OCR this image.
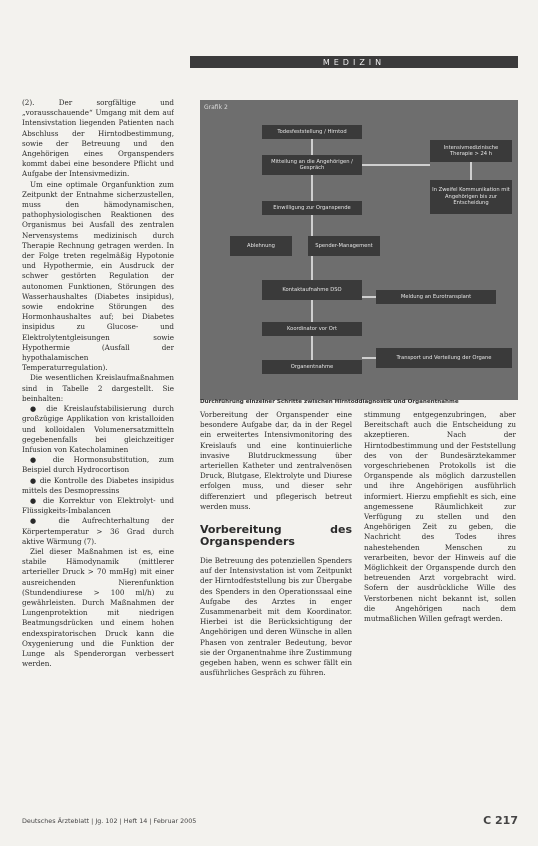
MEDIZIN

(2). Der sorgfältige und „vorausschauende“ Umgang mit dem auf Intensivstation liegenden Patienten nach Abschluss der Hirntodbestimmung, sowie der Betreuung und den Angehörigen eines Organspenders kommt dabei eine besondere Pflicht und Aufgabe der Intensivmedizin.

Um eine optimale Organfunktion zum Zeitpunkt der Entnahme sicherzustellen, muss den hämodynamischen, pathophysiologischen Reaktionen des Organismus bei Ausfall des zentralen Nervensystems medizinisch durch Therapie Rechnung getragen werden. In der Folge treten regelmäßig Hypotonie und Hypothermie, ein Ausdruck der schwer gestörten Regulation der autonomen Funktionen, Störungen des Wasserhaushaltes (Diabetes insipidus), sowie endokrine Störungen des Hormonhaushaltes auf; bei Diabetes insipidus zu Glucose- und Elektrolytentgleisungen sowie Hypothermie (Ausfall der hypothalamischen Temperaturregulation).

Die wesentlichen Kreislaufmaßnahmen sind in Tabelle 2 dargestellt. Sie beinhalten:

● die Kreislaufstabilisierung durch großzügige Applikation von kristalloiden und kolloidalen Volumenersatzmitteln gegebenenfalls bei gleichzeitiger Infusion von Katecholaminen

● die Hormonsubstitution, zum Beispiel durch Hydrocortison

● die Kontrolle des Diabetes insipidus mittels des Desmopressins

● die Korrektur von Elektrolyt- und Flüssigkeits-Imbalancen

● die Aufrechterhaltung der Körpertemperatur > 36 Grad durch aktive Wärmung (7).

Ziel dieser Maßnahmen ist es, eine stabile Hämodynamik (mittlerer arterieller Druck > 70 mmHg) mit einer ausreichenden Nierenfunktion (Stundendiurese > 100 ml/h) zu gewährleisten. Durch Maßnahmen der Lungenprotektion mit niedrigen Beatmungsdrücken und einem hohen endexspiratorischen Druck kann die Oxygenierung und die Funktion der Lunge als Spenderorgan verbessert werden.

Grafik 2
Todesfeststellung / Hirntod
Mitteilung an die Angehörigen / Gespräch
Einwilligung zur Organspende
Ablehnung	Spender-Management
Kontaktaufnahme DSO
Koordinator vor Ort
Organentnahme
Intensivmedizinische Therapie > 24 h
In Zweifel Kommunikation mit Angehörigen bis zur Entscheidung
Meldung an Eurotransplant
Transport und Verteilung der Organe
Durchführung einzelner Schritte zwischen Hirntoddiagnostik und Organentnahme

Vorbereitung der Organspender eine besondere Aufgabe dar, da in der Regel ein erweitertes Intensivmonitoring des Kreislaufs und eine kontinuierliche invasive Blutdruckmessung über arteriellen Katheter und zentralvenösen Druck, Blutgase, Elektrolyte und Diurese erfolgen muss, und dieser sehr differenziert und pflegerisch betreut werden muss.

Vorbereitung des Organspenders

Die Betreuung des potenziellen Spenders auf der Intensivstation ist vom Zeitpunkt der Hirntodfeststellung bis zur Übergabe des Spenders in den Operationssaal eine Aufgabe des Arztes in enger Zusammenarbeit mit dem Koordinator. Hierbei ist die Berücksichtigung der Angehörigen und deren Wünsche in allen Phasen von zentraler Bedeutung, bevor sie der Organentnahme ihre Zustimmung gegeben haben, wenn es schwer fällt ein ausführliches Gespräch zu führen.

stimmung entgegenzubringen, aber Bereitschaft auch die Entscheidung zu akzeptieren. Nach der Hirntodbestimmung und der Feststellung des von der Bundesärztekammer vorgeschriebenen Protokolls ist die Organspende als möglich darzustellen und ihre Angehörigen ausführlich informiert. Hierzu empfiehlt es sich, eine angemessene Räumlichkeit zur Verfügung zu stellen und den Angehörigen Zeit zu geben, die Nachricht des Todes ihres nahestehenden Menschen zu verarbeiten, bevor der Hinweis auf die Möglichkeit der Organspende durch den betreuenden Arzt vorgebracht wird. Sofern der ausdrückliche Wille des Verstorbenen nicht bekannt ist, sollen die Angehörigen nach dem mutmaßlichen Willen gefragt werden.

Deutsches Ärzteblatt | Jg. 102 | Heft 14 | Februar 2005	C 217
